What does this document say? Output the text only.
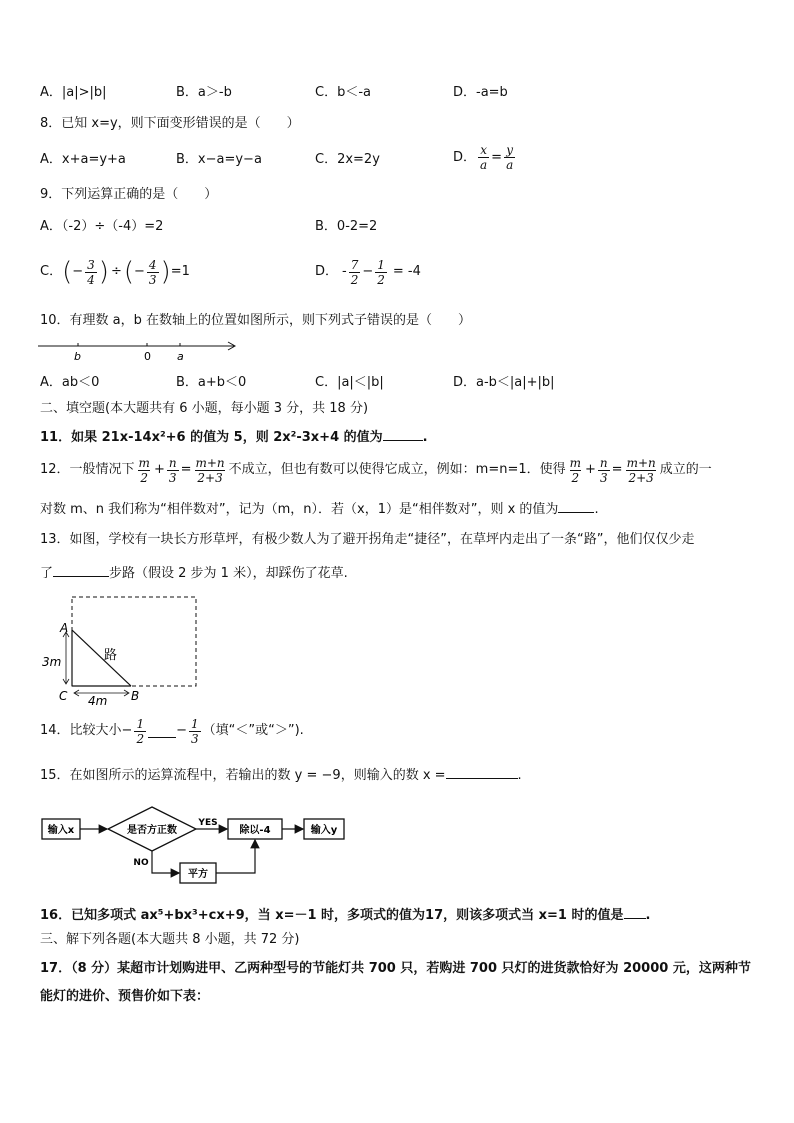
A．|a|>|b|	B．a＞-b	C．b＜-a	D．-a=b
8．已知 x=y，则下面变形错误的是（　　）
A．x+a=y+a	B．x−a=y−a	C．2x=2y	D． $\frac{x}{a} = \frac{y}{a}$
9．下列运算正确的是（　　）
A．（-2）÷（-4）=2	B．0-2=2
C． ( − $\frac{3}{4}$ ) ÷ ( − $\frac{4}{3}$ ) =1	D． - 7
2
− $\frac{1}{2} = -4$
10．有理数 a，b 在数轴上的位置如图所示，则下列式子错误的是（　　）
b	0 a
A．ab＜0	B．a+b＜0	C．|a|＜|b|	D．a-b＜|a|+|b|
二、填空题(本大题共有 6 小题，每小题 3 分，共 18 分)
11．如果 21x-14x²+6 的值为 5，则 2x²-3x+4 的值为	.
12．一般情况下 m
2
+ $\frac{n}{3} = \frac{m+n}{2+3}$ 不成立，但也有数可以使得它成立，例如：m=n=1．使得 m
2
+ $\frac{n}{3} = \frac{m+n}{2+3}$ 成立的一
对数 m、n 我们称为“相伴数对”，记为（m，n）．若（x，1）是“相伴数对”，则 x 的值为	.
13．如图，学校有一块长方形草坪，有极少数人为了避开拐角走“捷径”，在草坪内走出了一条“路”，他们仅仅少走
了	步路（假设 2 步为 1 米），却踩伤了花草.
A
C	B
路
3m
4m
14．比较大小 − $\frac{1}{2} - \frac{1}{3}$ （填“＜”或“＞”).
15．在如图所示的运算流程中，若输出的数 y = −9，则输入的数 x =	.
输入x	是否方正数
YES
除以-4	输入y
NO
平方
16．已知多项式 ax⁵+bx³+cx+9，当 x=－1 时，多项式的值为17，则该多项式当 x=1 时的值是 .
三、解下列各题(本大题共 8 小题，共 72 分)
17．（8 分）某超市计划购进甲、乙两种型号的节能灯共 700 只，若购进 700 只灯的进货款恰好为 20000 元，这两种节
能灯的进价、预售价如下表：
